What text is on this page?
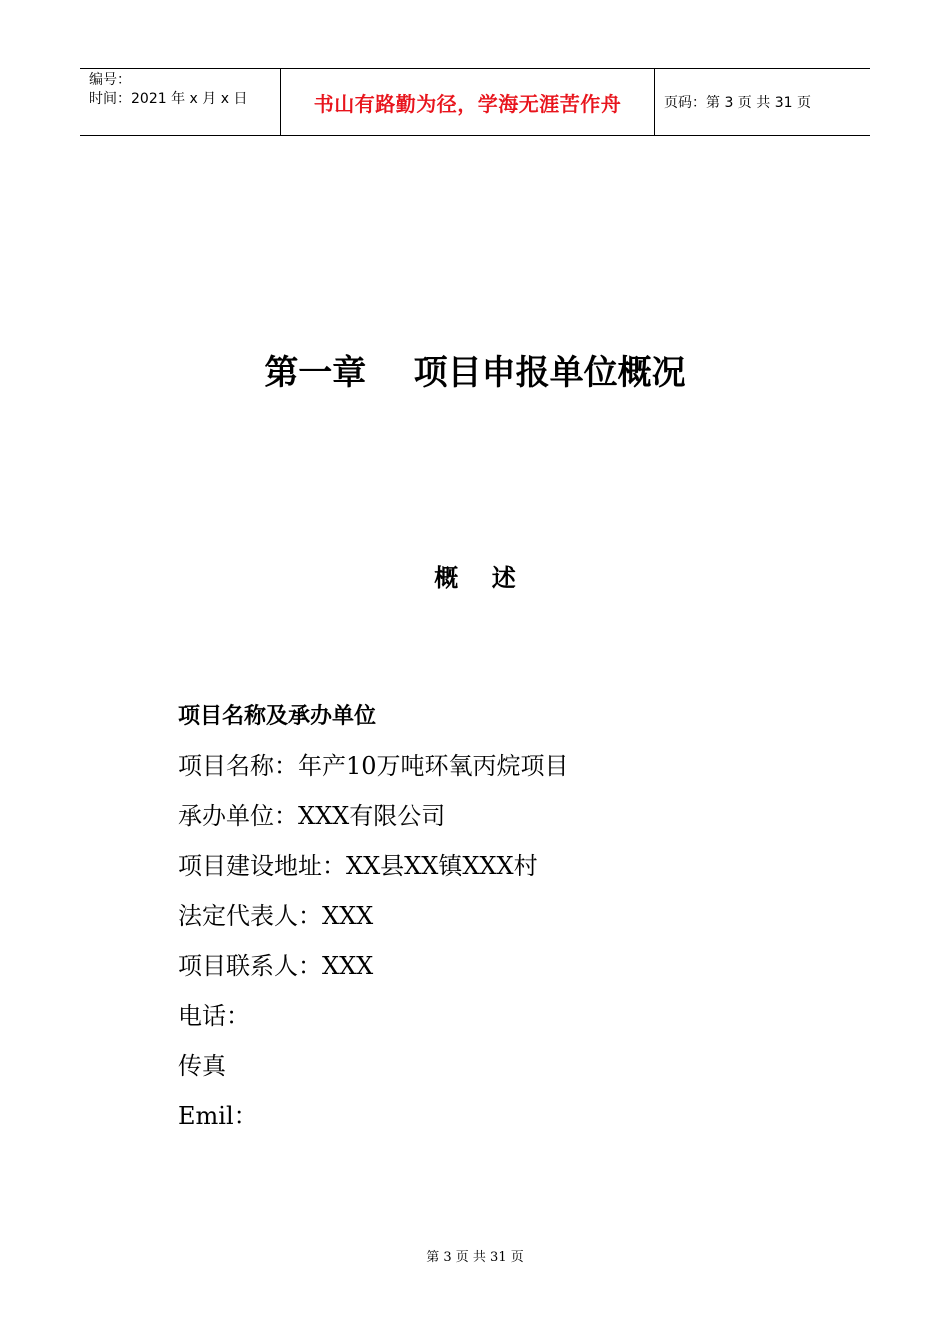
编号：
时间：2021 年 x 月 x 日	书山有路勤为径，学海无涯苦作舟	页码：第 3 页 共 31 页
第一章    项目申报单位概况
概    述
项目名称及承办单位
项目名称：年产10万吨环氧丙烷项目
承办单位：XXX有限公司
项目建设地址：XX县XX镇XXX村
法定代表人：XXX
项目联系人：XXX
电话：
传真
Emil：
第 3 页 共 31 页
